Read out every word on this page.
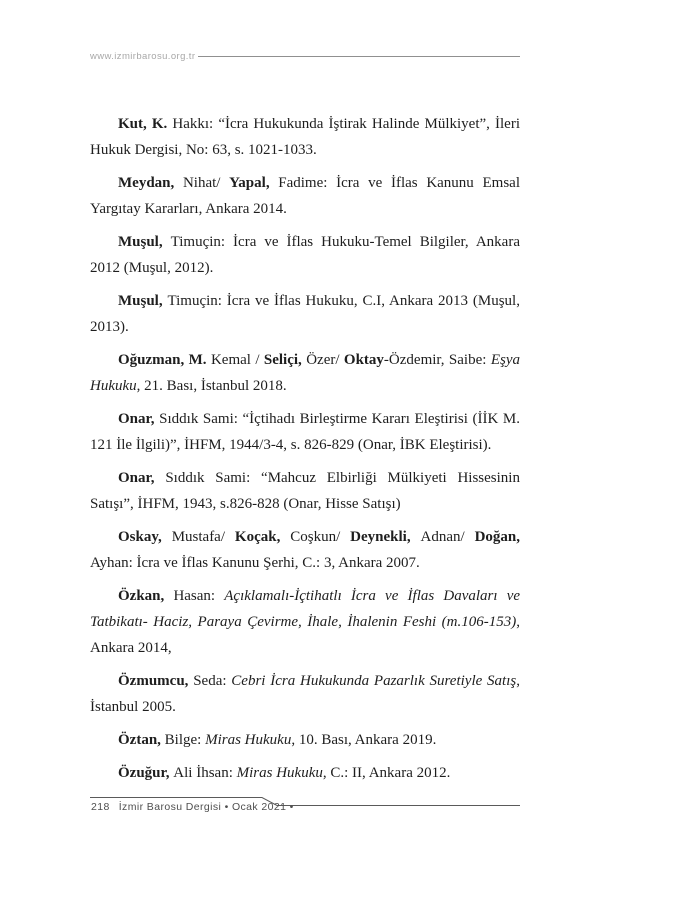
www.izmirbarosu.org.tr

Kut, K. Hakkı: “İcra Hukukunda İştirak Halinde Mülkiyet”, İleri Hukuk Dergisi, No: 63, s. 1021-1033.

Meydan, Nihat/ Yapal, Fadime: İcra ve İflas Kanunu Emsal Yargıtay Kararları, Ankara 2014.

Muşul, Timuçin: İcra ve İflas Hukuku-Temel Bilgiler, Ankara 2012 (Muşul, 2012).

Muşul, Timuçin: İcra ve İflas Hukuku, C.I, Ankara 2013 (Muşul, 2013).

Oğuzman, M. Kemal / Seliçi, Özer/ Oktay-Özdemir, Saibe: Eşya Hukuku, 21. Bası, İstanbul 2018.

Onar, Sıddık Sami: “İçtihadı Birleştirme Kararı Eleştirisi (İİK M. 121 İle İlgili)”, İHFM, 1944/3-4, s. 826-829 (Onar, İBK Eleştirisi).

Onar, Sıddık Sami: “Mahcuz Elbirliği Mülkiyeti Hissesinin Satışı”, İHFM, 1943, s.826-828 (Onar, Hisse Satışı)

Oskay, Mustafa/ Koçak, Coşkun/ Deynekli, Adnan/ Doğan, Ayhan: İcra ve İflas Kanunu Şerhi, C.: 3, Ankara 2007.

Özkan, Hasan: Açıklamalı-İçtihatlı İcra ve İflas Davaları ve Tatbikatı- Haciz, Paraya Çevirme, İhale, İhalenin Feshi (m.106-153), Ankara 2014,

Özmumcu, Seda: Cebri İcra Hukukunda Pazarlık Suretiyle Satış, İstanbul 2005.

Öztan, Bilge: Miras Hukuku, 10. Bası, Ankara 2019.

Özuğur, Ali İhsan: Miras Hukuku, C.: II, Ankara 2012.

218 İzmir Barosu Dergisi • Ocak 2021 •
